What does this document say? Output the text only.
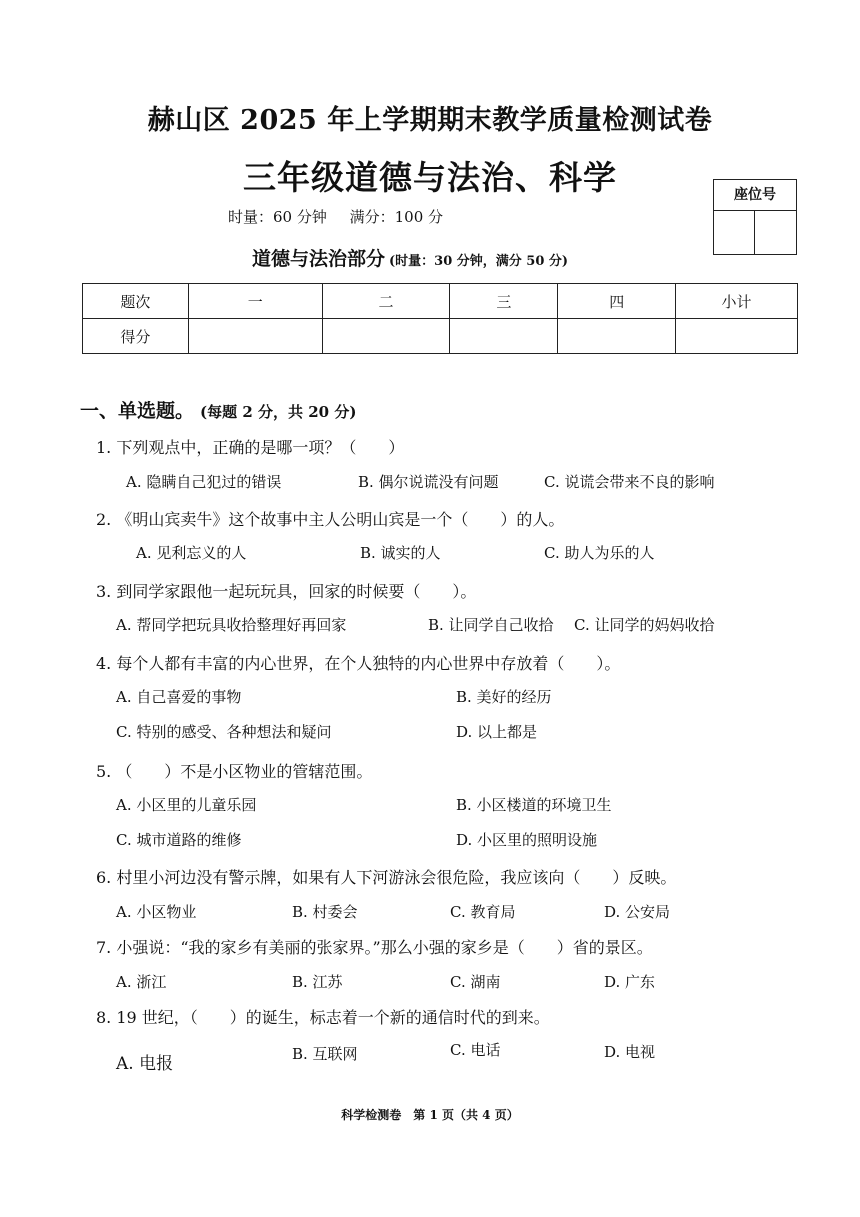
赫山区 2025 年上学期期末教学质量检测试卷
三年级道德与法治、科学
时量：60 分钟 满分：100 分
座位号
道德与法治部分 (时量：30 分钟，满分 50 分)
题次	一	二	三	四	小计
得分					
一、单选题。 (每题 2 分，共 20 分)
1. 下列观点中，正确的是哪一项？（　　）
A. 隐瞒自己犯过的错误	B. 偶尔说谎没有问题	C. 说谎会带来不良的影响
2. 《明山宾卖牛》这个故事中主人公明山宾是一个（　　）的人。
A. 见利忘义的人	B. 诚实的人	C. 助人为乐的人
3. 到同学家跟他一起玩玩具，回家的时候要（　　）。
A. 帮同学把玩具收拾整理好再回家	B. 让同学自己收拾 C. 让同学的妈妈收拾
4. 每个人都有丰富的内心世界，在个人独特的内心世界中存放着（　　）。
A. 自己喜爱的事物	B. 美好的经历
C. 特别的感受、各种想法和疑问	D. 以上都是
5. （　　）不是小区物业的管辖范围。
A. 小区里的儿童乐园	B. 小区楼道的环境卫生
C. 城市道路的维修	D. 小区里的照明设施
6. 村里小河边没有警示牌，如果有人下河游泳会很危险，我应该向（　　）反映。
A. 小区物业	B. 村委会	C. 教育局	D. 公安局
7. 小强说：“我的家乡有美丽的张家界。”那么小强的家乡是（　　）省的景区。
A. 浙江	B. 江苏	C. 湖南	D. 广东
8. 19 世纪，（　　）的诞生，标志着一个新的通信时代的到来。
A. 电报	B. 互联网	C. 电话	D. 电视
科学检测卷　第 1 页（共 4 页）
